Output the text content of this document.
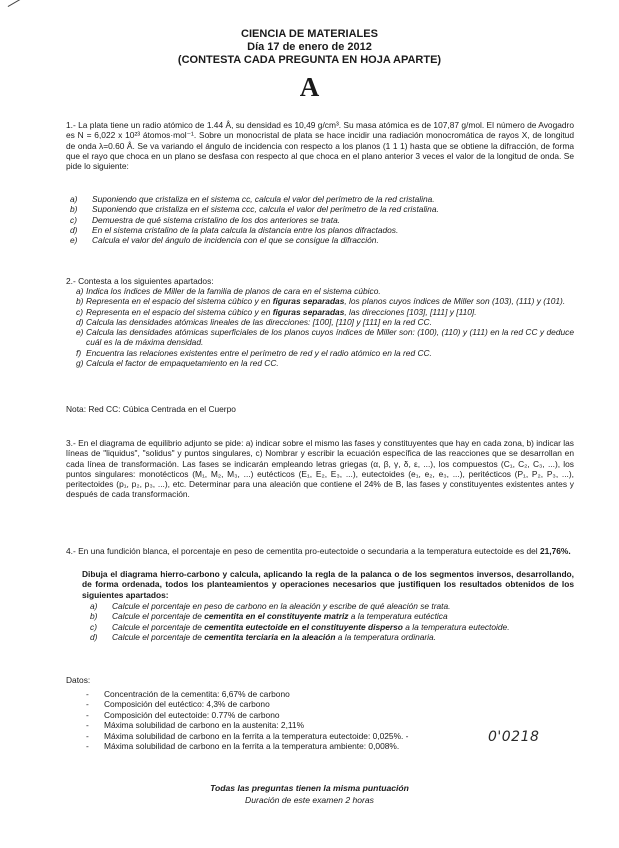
CIENCIA DE MATERIALES
Día 17 de enero de 2012
(CONTESTA CADA PREGUNTA EN HOJA APARTE)
A
1.- La plata tiene un radio atómico de 1.44 Å, su densidad es 10,49 g/cm³. Su masa atómica es de 107,87 g/mol. El número de Avogadro es N = 6,022 x 10²³ átomos·mol⁻¹. Sobre un monocristal de plata se hace incidir una radiación monocromática de rayos X, de longitud de onda λ=0.60 Å. Se va variando el ángulo de incidencia con respecto a los planos (1 1 1) hasta que se obtiene la difracción, de forma que el rayo que choca en un plano se desfasa con respecto al que choca en el plano anterior 3 veces el valor de la longitud de onda. Se pide lo siguiente:
a) Suponiendo que cristaliza en el sistema cc, calcula el valor del perímetro de la red cristalina.
b) Suponiendo que cristaliza en el sistema ccc, calcula el valor del perímetro de la red cristalina.
c) Demuestra de qué sistema cristalino de los dos anteriores se trata.
d) En el sistema cristalino de la plata calcula la distancia entre los planos difractados.
e) Calcula el valor del ángulo de incidencia con el que se consigue la difracción.
2.- Contesta a los siguientes apartados:
a) Indica los índices de Miller de la familia de planos de cara en el sistema cúbico.
b) Representa en el espacio del sistema cúbico y en figuras separadas, los planos cuyos índices de Miller son (103), (111) y (101).
c) Representa en el espacio del sistema cúbico y en figuras separadas, las direcciones [103], [111] y [110].
d) Calcula las densidades atómicas lineales de las direcciones: [100], [110] y [111] en la red CC.
e) Calcula las densidades atómicas superficiales de los planos cuyos índices de Miller son: (100), (110) y (111) en la red CC y deduce cuál es la de máxima densidad.
f) Encuentra las relaciones existentes entre el perímetro de red y el radio atómico en la red CC.
g) Calcula el factor de empaquetamiento en la red CC.
Nota: Red CC: Cúbica Centrada en el Cuerpo
3.- En el diagrama de equilibrio adjunto se pide: a) indicar sobre el mismo las fases y constituyentes que hay en cada zona, b) indicar las líneas de "liquidus", "solidus" y puntos singulares, c) Nombrar y escribir la ecuación específica de las reacciones que se desarrollan en cada línea de transformación. Las fases se indicarán empleando letras griegas (α, β, γ, δ, ε, ...), los compuestos (C₁, C₂, C₃, ...), los puntos singulares: monotécticos (M₁, M₂, M₃, ...) eutécticos (E₁, E₂, E₃, ...), eutectoides (e₁, e₂, e₃, ...), peritécticos (P₁, P₂, P₃, ...), peritectoides (p₁, p₂, p₃, ...), etc. Determinar para una aleación que contiene el 24% de B, las fases y constituyentes existentes antes y después de cada transformación.
4.- En una fundición blanca, el porcentaje en peso de cementita pro-eutectoide o secundaria a la temperatura eutectoide es del 21,76%.
Dibuja el diagrama hierro-carbono y calcula, aplicando la regla de la palanca o de los segmentos inversos, desarrollando, de forma ordenada, todos los planteamientos y operaciones necesarios que justifiquen los resultados obtenidos de los siguientes apartados:
a) Calcule el porcentaje en peso de carbono en la aleación y escribe de qué aleación se trata.
b) Calcule el porcentaje de cementita en el constituyente matriz a la temperatura eutéctica
c) Calcule el porcentaje de cementita eutectoide en el constituyente disperso a la temperatura eutectoide.
d) Calcule el porcentaje de cementita terciaria en la aleación a la temperatura ordinaria.
Datos:
- Concentración de la cementita: 6,67% de carbono
- Composición del eutéctico: 4,3% de carbono
- Composición del eutectoide: 0.77% de carbono
- Máxima solubilidad de carbono en la austenita: 2,11%
- Máxima solubilidad de carbono en la ferrita a la temperatura eutectoide: 0,025%. -
- Máxima solubilidad de carbono en la ferrita a la temperatura ambiente: 0,008%.
0'0218
Todas las preguntas tienen la misma puntuación
Duración de este examen 2 horas
